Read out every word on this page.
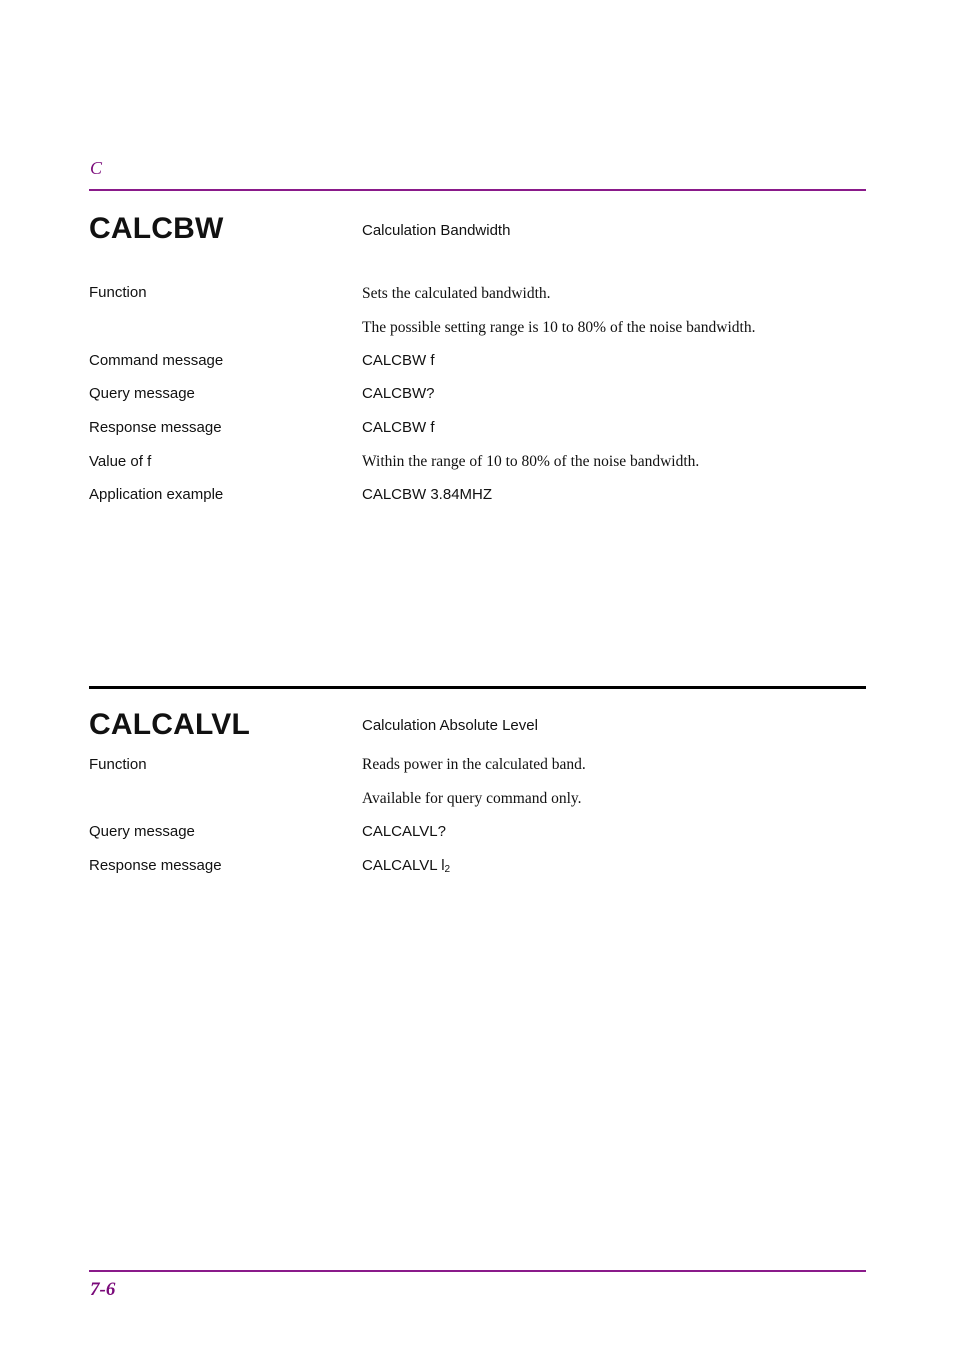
C
CALCBW	Calculation Bandwidth
Function	Sets the calculated bandwidth.
The possible setting range is 10 to 80% of the noise bandwidth.
Command message	CALCBW f
Query message	CALCBW?
Response message	CALCBW f
Value of f	Within the range of 10 to 80% of the noise bandwidth.
Application example	CALCBW 3.84MHZ
CALCALVL	Calculation Absolute Level
Function	Reads power in the calculated band.
Available for query command only.
Query message	CALCALVL?
Response message	CALCALVL l2
7-6
